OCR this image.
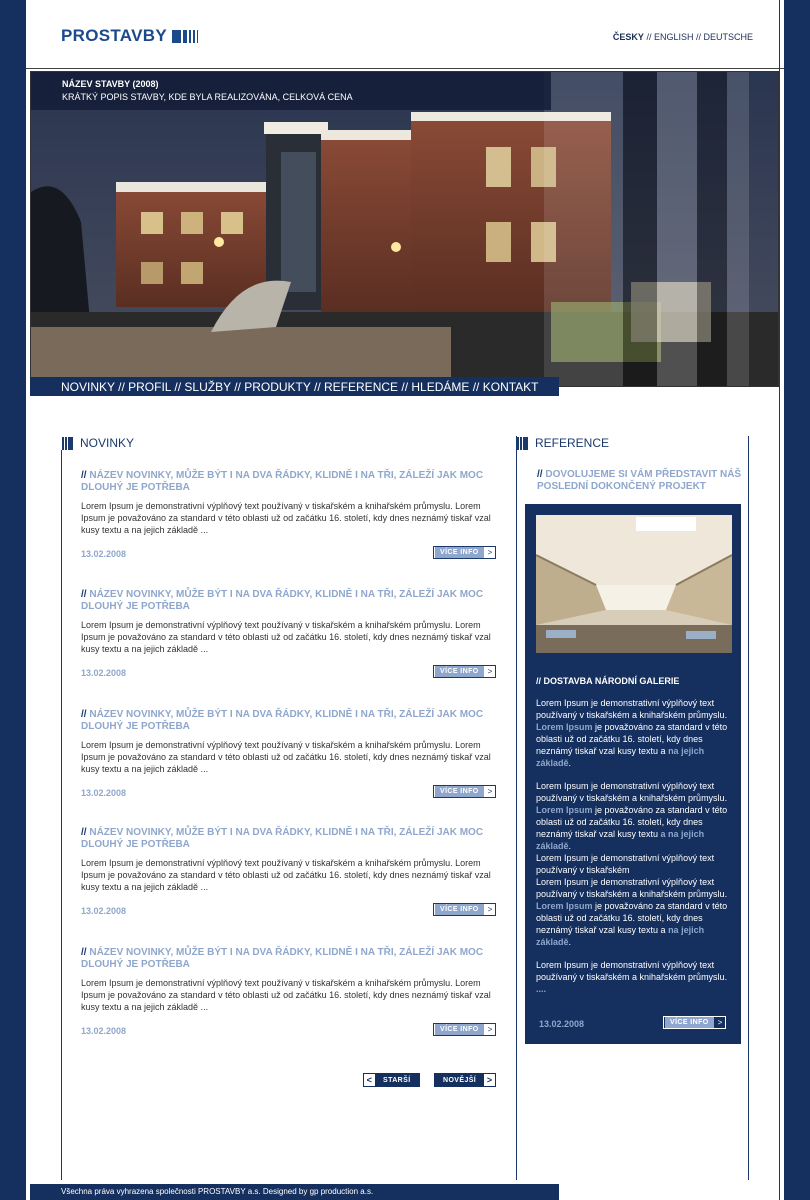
PROSTAVBY	ČESKY // ENGLISH // DEUTSCHE
NÁZEV STAVBY (2008)
KRÁTKÝ POPIS STAVBY, KDE BYLA REALIZOVÁNA, CELKOVÁ CENA
NOVINKY // PROFIL // SLUŽBY // PRODUKTY // REFERENCE // HLEDÁME // KONTAKT
NOVINKY
// NÁZEV NOVINKY, MŮŽE BÝT I NA DVA ŘÁDKY, KLIDNĚ I NA TŘI, ZÁLEŽÍ JAK MOC DLOUHÝ JE POTŘEBA
Lorem Ipsum je demonstrativní výplňový text používaný v tiskařském a knihařském průmyslu. Lorem Ipsum je považováno za standard v této oblasti už od začátku 16. století, kdy dnes neznámý tiskař vzal kusy textu a na jejich základě ...
13.02.2008	VÍCE INFO	>
// NÁZEV NOVINKY, MŮŽE BÝT I NA DVA ŘÁDKY, KLIDNĚ I NA TŘI, ZÁLEŽÍ JAK MOC DLOUHÝ JE POTŘEBA
Lorem Ipsum je demonstrativní výplňový text používaný v tiskařském a knihařském průmyslu. Lorem Ipsum je považováno za standard v této oblasti už od začátku 16. století, kdy dnes neznámý tiskař vzal kusy textu a na jejich základě ...
13.02.2008	VÍCE INFO	>
// NÁZEV NOVINKY, MŮŽE BÝT I NA DVA ŘÁDKY, KLIDNĚ I NA TŘI, ZÁLEŽÍ JAK MOC DLOUHÝ JE POTŘEBA
Lorem Ipsum je demonstrativní výplňový text používaný v tiskařském a knihařském průmyslu. Lorem Ipsum je považováno za standard v této oblasti už od začátku 16. století, kdy dnes neznámý tiskař vzal kusy textu a na jejich základě ...
13.02.2008	VÍCE INFO	>
// NÁZEV NOVINKY, MŮŽE BÝT I NA DVA ŘÁDKY, KLIDNĚ I NA TŘI, ZÁLEŽÍ JAK MOC DLOUHÝ JE POTŘEBA
Lorem Ipsum je demonstrativní výplňový text používaný v tiskařském a knihařském průmyslu. Lorem Ipsum je považováno za standard v této oblasti už od začátku 16. století, kdy dnes neznámý tiskař vzal kusy textu a na jejich základě ...
13.02.2008	VÍCE INFO	>
// NÁZEV NOVINKY, MŮŽE BÝT I NA DVA ŘÁDKY, KLIDNĚ I NA TŘI, ZÁLEŽÍ JAK MOC DLOUHÝ JE POTŘEBA
Lorem Ipsum je demonstrativní výplňový text používaný v tiskařském a knihařském průmyslu. Lorem Ipsum je považováno za standard v této oblasti už od začátku 16. století, kdy dnes neznámý tiskař vzal kusy textu a na jejich základě ...
13.02.2008	VÍCE INFO	>
<	STARŠÍ	NOVĚJŠÍ	>
REFERENCE
// DOVOLUJEME SI VÁM PŘEDSTAVIT NÁŠ POSLEDNÍ DOKONČENÝ PROJEKT
// DOSTAVBA NÁRODNÍ GALERIE
Lorem Ipsum je demonstrativní výplňový text používaný v tiskařském a knihařském průmyslu. Lorem Ipsum je považováno za standard v této oblasti už od začátku 16. století, kdy dnes neznámý tiskař vzal kusy textu a na jejich základě.
Lorem Ipsum je demonstrativní výplňový text používaný v tiskařském a knihařském průmyslu. Lorem Ipsum je považováno za standard v této oblasti už od začátku 16. století, kdy dnes neznámý tiskař vzal kusy textu a na jejich základě.
Lorem Ipsum je demonstrativní výplňový text používaný v tiskařském
Lorem Ipsum je demonstrativní výplňový text používaný v tiskařském a knihařském průmyslu. Lorem Ipsum je považováno za standard v této oblasti už od začátku 16. století, kdy dnes neznámý tiskař vzal kusy textu a na jejich základě.
Lorem Ipsum je demonstrativní výplňový text používaný v tiskařském a knihařském průmyslu. ....
13.02.2008	VÍCE INFO	>
Všechna práva vyhrazena společnosti PROSTAVBY a.s. Designed by gp production a.s.
